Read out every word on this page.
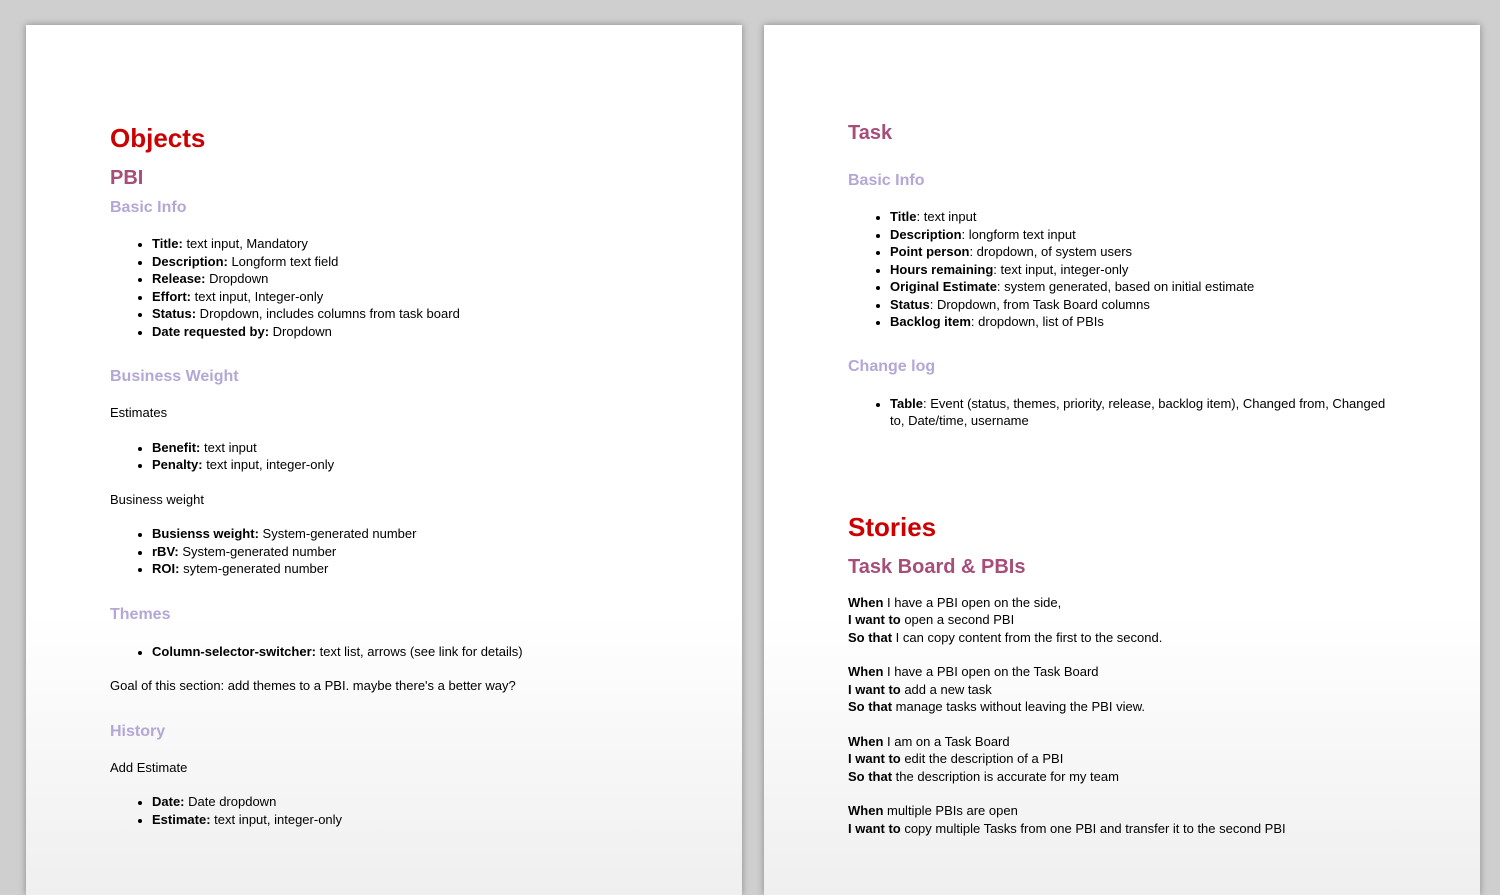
Objects
PBI
Basic Info
• Title: text input, Mandatory
• Description: Longform text field
• Release: Dropdown
• Effort: text input, Integer-only
• Status: Dropdown, includes columns from task board
• Date requested by: Dropdown
Business Weight

Estimates

• Benefit: text input
• Penalty: text input, integer-only

Business weight

• Busienss weight: System-generated number
• rBV: System-generated number
• ROI: sytem-generated number
Themes
• Column-selector-switcher: text list, arrows (see link for details)

Goal of this section: add themes to a PBI. maybe there's a better way?

History

Add Estimate

• Date: Date dropdown
• Estimate: text input, integer-only
Task
Basic Info
• Title: text input
• Description: longform text input
• Point person: dropdown, of system users
• Hours remaining: text input, integer-only
• Original Estimate: system generated, based on initial estimate
• Status: Dropdown, from Task Board columns
• Backlog item: dropdown, list of PBIs
Change log
• Table: Event (status, themes, priority, release, backlog item), Changed from, Changed to, Date/time, username
Stories
Task Board & PBIs

When I have a PBI open on the side,

I want to open a second PBI

So that I can copy content from the first to the second.

When I have a PBI open on the Task Board

I want to add a new task

So that manage tasks without leaving the PBI view.

When I am on a Task Board

I want to edit the description of a PBI

So that the description is accurate for my team

When multiple PBIs are open

I want to copy multiple Tasks from one PBI and transfer it to the second PBI
